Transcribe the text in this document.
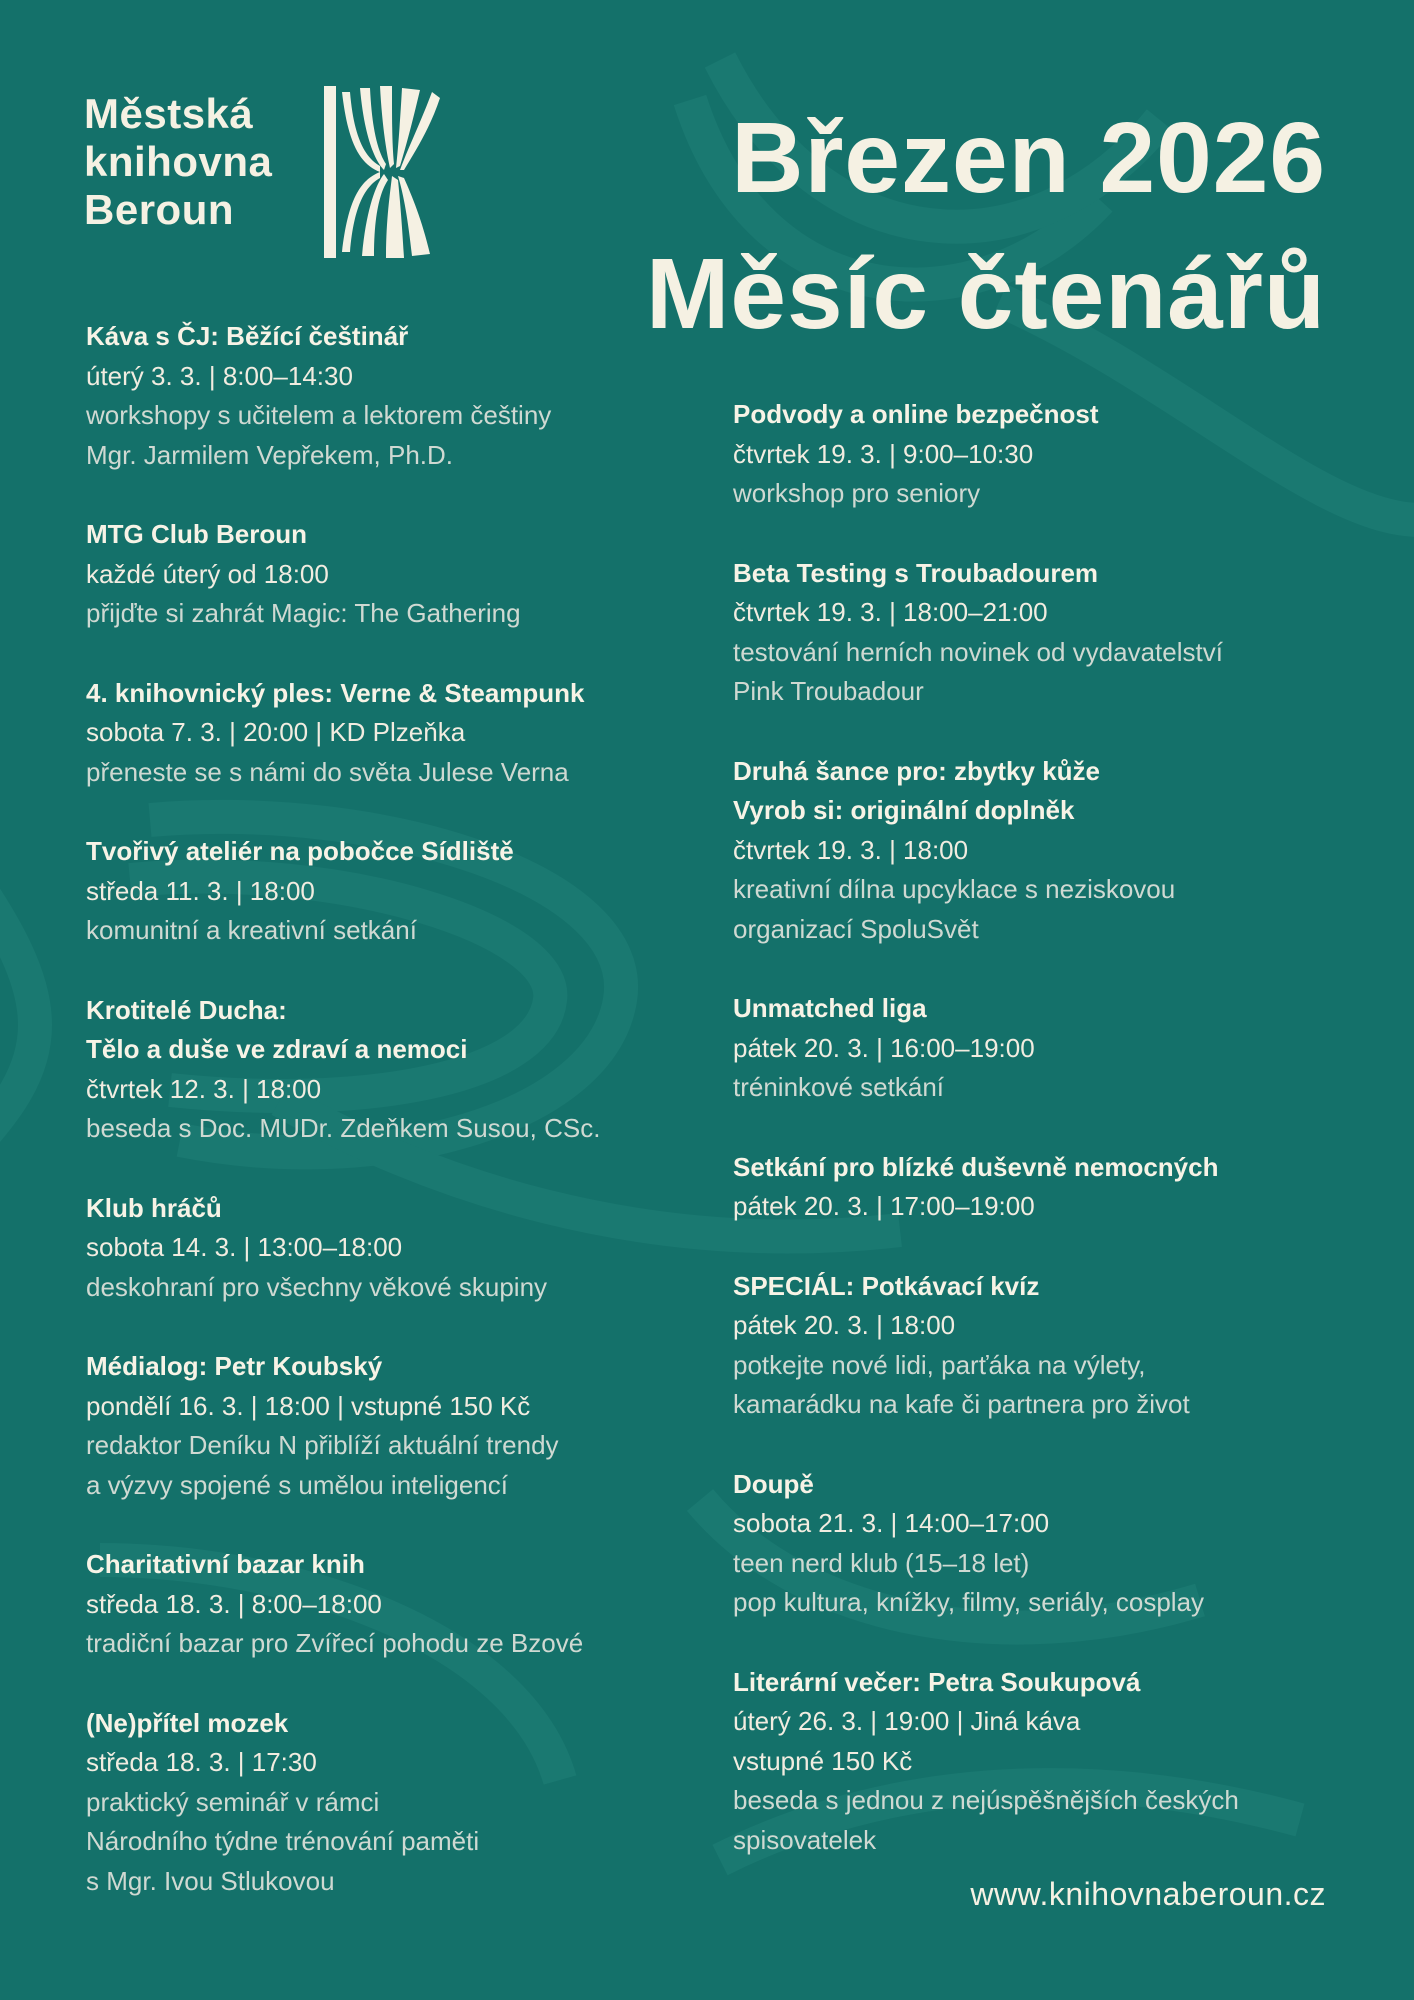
Městská
knihovna
Beroun	Březen 2026
Měsíc čtenářů
Káva s ČJ: Běžící češtinář
úterý 3. 3. | 8:00–14:30
workshopy s učitelem a lektorem češtiny
Mgr. Jarmilem Vepřekem, Ph.D.
MTG Club Beroun
každé úterý od 18:00
přijďte si zahrát Magic: The Gathering
4. knihovnický ples: Verne & Steampunk
sobota 7. 3. | 20:00 | KD Plzeňka
přeneste se s námi do světa Julese Verna
Tvořivý ateliér na pobočce Sídliště
středa 11. 3. | 18:00
komunitní a kreativní setkání
Krotitelé Ducha:
Tělo a duše ve zdraví a nemoci
čtvrtek 12. 3. | 18:00
beseda s Doc. MUDr. Zdeňkem Susou, CSc.
Klub hráčů
sobota 14. 3. | 13:00–18:00
deskohraní pro všechny věkové skupiny
Médialog: Petr Koubský
pondělí 16. 3. | 18:00 | vstupné 150 Kč
redaktor Deníku N přiblíží aktuální trendy
a výzvy spojené s umělou inteligencí
Charitativní bazar knih
středa 18. 3. | 8:00–18:00
tradiční bazar pro Zvířecí pohodu ze Bzové
(Ne)přítel mozek
středa 18. 3. | 17:30
praktický seminář v rámci
Národního týdne trénování paměti
s Mgr. Ivou Stlukovou
Podvody a online bezpečnost
čtvrtek 19. 3. | 9:00–10:30
workshop pro seniory
Beta Testing s Troubadourem
čtvrtek 19. 3. | 18:00–21:00
testování herních novinek od vydavatelství
Pink Troubadour
Druhá šance pro: zbytky kůže
Vyrob si: originální doplněk
čtvrtek 19. 3. | 18:00
kreativní dílna upcyklace s neziskovou
organizací SpoluSvět
Unmatched liga
pátek 20. 3. | 16:00–19:00
tréninkové setkání
Setkání pro blízké duševně nemocných
pátek 20. 3. | 17:00–19:00
SPECIÁL: Potkávací kvíz
pátek 20. 3. | 18:00
potkejte nové lidi, parťáka na výlety,
kamarádku na kafe či partnera pro život
Doupě
sobota 21. 3. | 14:00–17:00
teen nerd klub (15–18 let)
pop kultura, knížky, filmy, seriály, cosplay
Literární večer: Petra Soukupová
úterý 26. 3. | 19:00 | Jiná káva
vstupné 150 Kč
beseda s jednou z nejúspěšnějších českých
spisovatelek
www.knihovnaberoun.cz
